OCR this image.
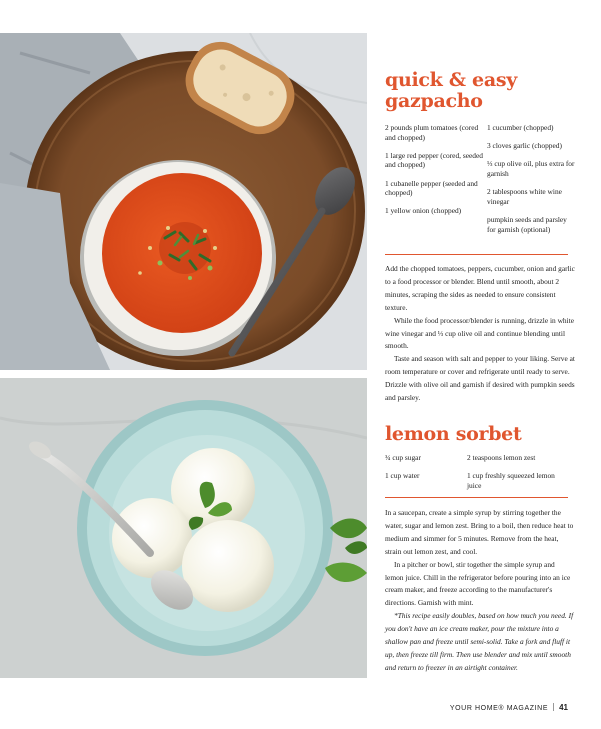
quick & easy
gazpacho
2 pounds plum tomatoes (cored and chopped)
1 large red pepper (cored, seeded and chopped)
1 cubanelle pepper (seeded and chopped)
1 yellow onion (chopped)
1 cucumber (chopped)
3 cloves garlic (chopped)
⅓ cup olive oil, plus extra for garnish
2 tablespoons white wine vinegar
pumpkin seeds and parsley for garnish (optional)

Add the chopped tomatoes, peppers, cucumber, onion and garlic to a food processor or blender. Blend until smooth, about 2 minutes, scraping the sides as needed to ensure consistent texture.

While the food processor/blender is running, drizzle in white wine vinegar and ⅓ cup olive oil and continue blending until smooth.

Taste and season with salt and pepper to your liking. Serve at room temperature or cover and refrigerate until ready to serve. Drizzle with olive oil and garnish if desired with pumpkin seeds and parsley.

lemon sorbet
¾ cup sugar
1 cup water
2 teaspoons lemon zest
1 cup freshly squeezed lemon juice

In a saucepan, create a simple syrup by stirring together the water, sugar and lemon zest. Bring to a boil, then reduce heat to medium and simmer for 5 minutes. Remove from the heat, strain out lemon zest, and cool.

In a pitcher or bowl, stir together the simple syrup and lemon juice. Chill in the refrigerator before pouring into an ice cream maker, and freeze according to the manufacturer's directions. Garnish with mint.

*This recipe easily doubles, based on how much you need. If you don't have an ice cream maker, pour the mixture into a shallow pan and freeze until semi-solid. Take a fork and fluff it up, then freeze till firm. Then use blender and mix until smooth and return to freezer in an airtight container.

YOUR HOME® MAGAZINE 41
